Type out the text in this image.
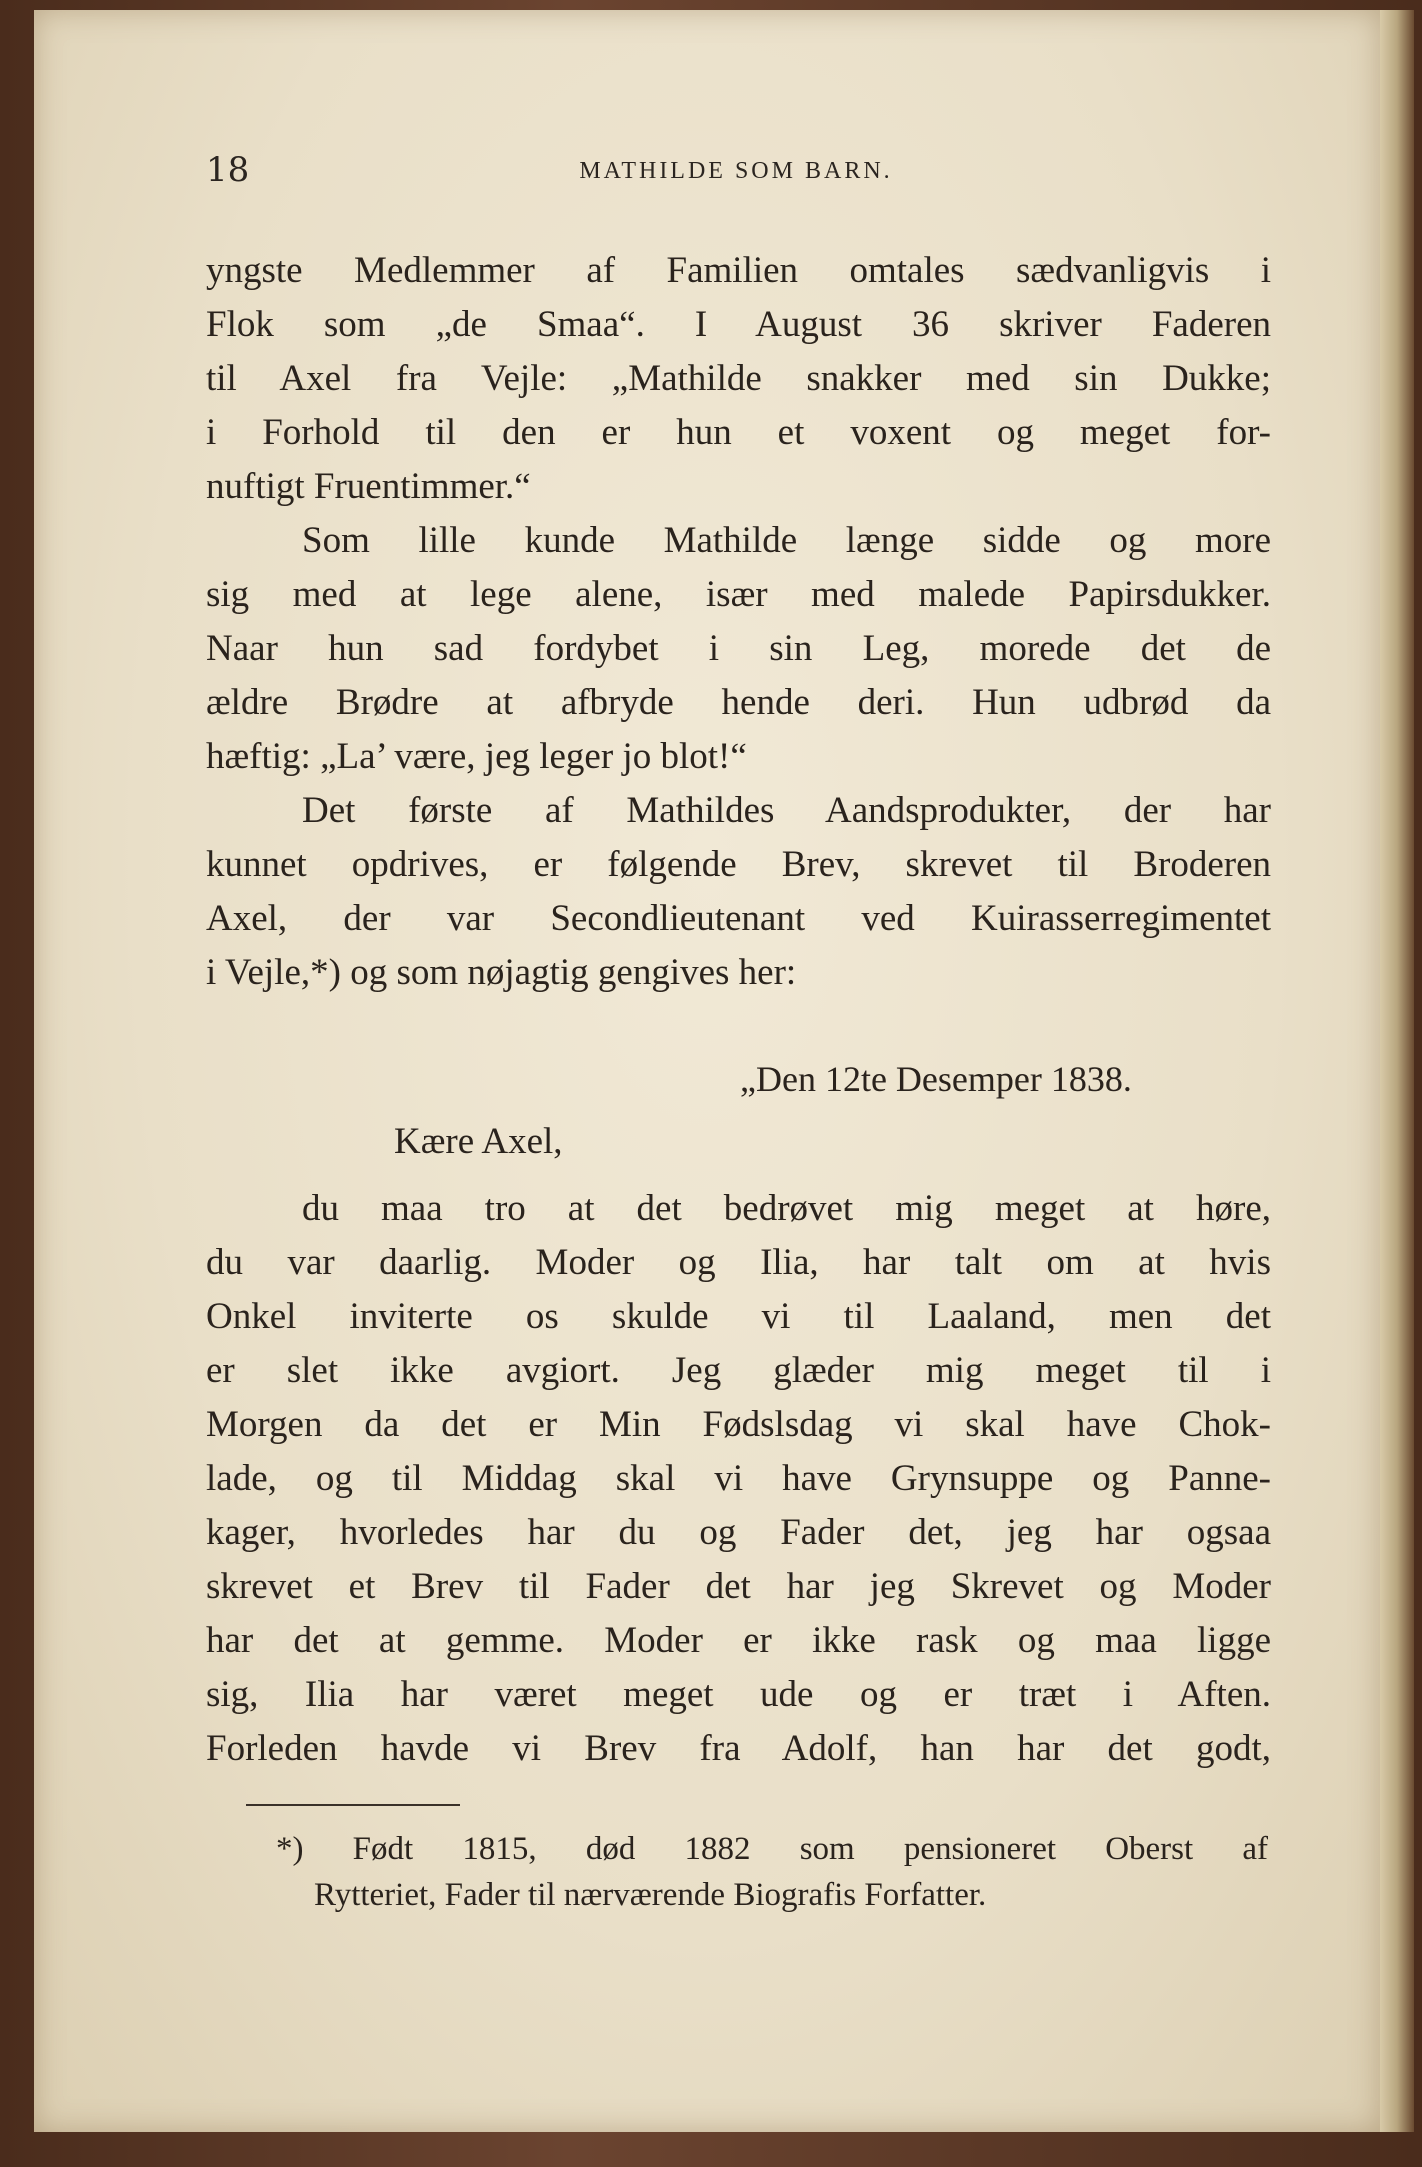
18	MATHILDE SOM BARN.
yngste Medlemmer af Familien omtales sædvanligvis i
Flok som „de Smaa“. I August 36 skriver Faderen
til Axel fra Vejle: „Mathilde snakker med sin Dukke;
i Forhold til den er hun et voxent og meget for-
nuftigt Fruentimmer.“
Som lille kunde Mathilde længe sidde og more
sig med at lege alene, især med malede Papirsdukker.
Naar hun sad fordybet i sin Leg, morede det de
ældre Brødre at afbryde hende deri. Hun udbrød da
hæftig: „La’ være, jeg leger jo blot!“
Det første af Mathildes Aandsprodukter, der har
kunnet opdrives, er følgende Brev, skrevet til Broderen
Axel, der var Secondlieutenant ved Kuirasserregimentet
i Vejle,*) og som nøjagtig gengives her:
„Den 12te Desemper 1838.
Kære Axel,
du maa tro at det bedrøvet mig meget at høre,
du var daarlig. Moder og Ilia, har talt om at hvis
Onkel inviterte os skulde vi til Laaland, men det
er slet ikke avgiort. Jeg glæder mig meget til i
Morgen da det er Min Fødslsdag vi skal have Chok-
lade, og til Middag skal vi have Grynsuppe og Panne-
kager, hvorledes har du og Fader det, jeg har ogsaa
skrevet et Brev til Fader det har jeg Skrevet og Moder
har det at gemme. Moder er ikke rask og maa ligge
sig, Ilia har været meget ude og er træt i Aften.
Forleden havde vi Brev fra Adolf, han har det godt,
*) Født 1815, død 1882 som pensioneret Oberst af
Rytteriet, Fader til nærværende Biografis Forfatter.
